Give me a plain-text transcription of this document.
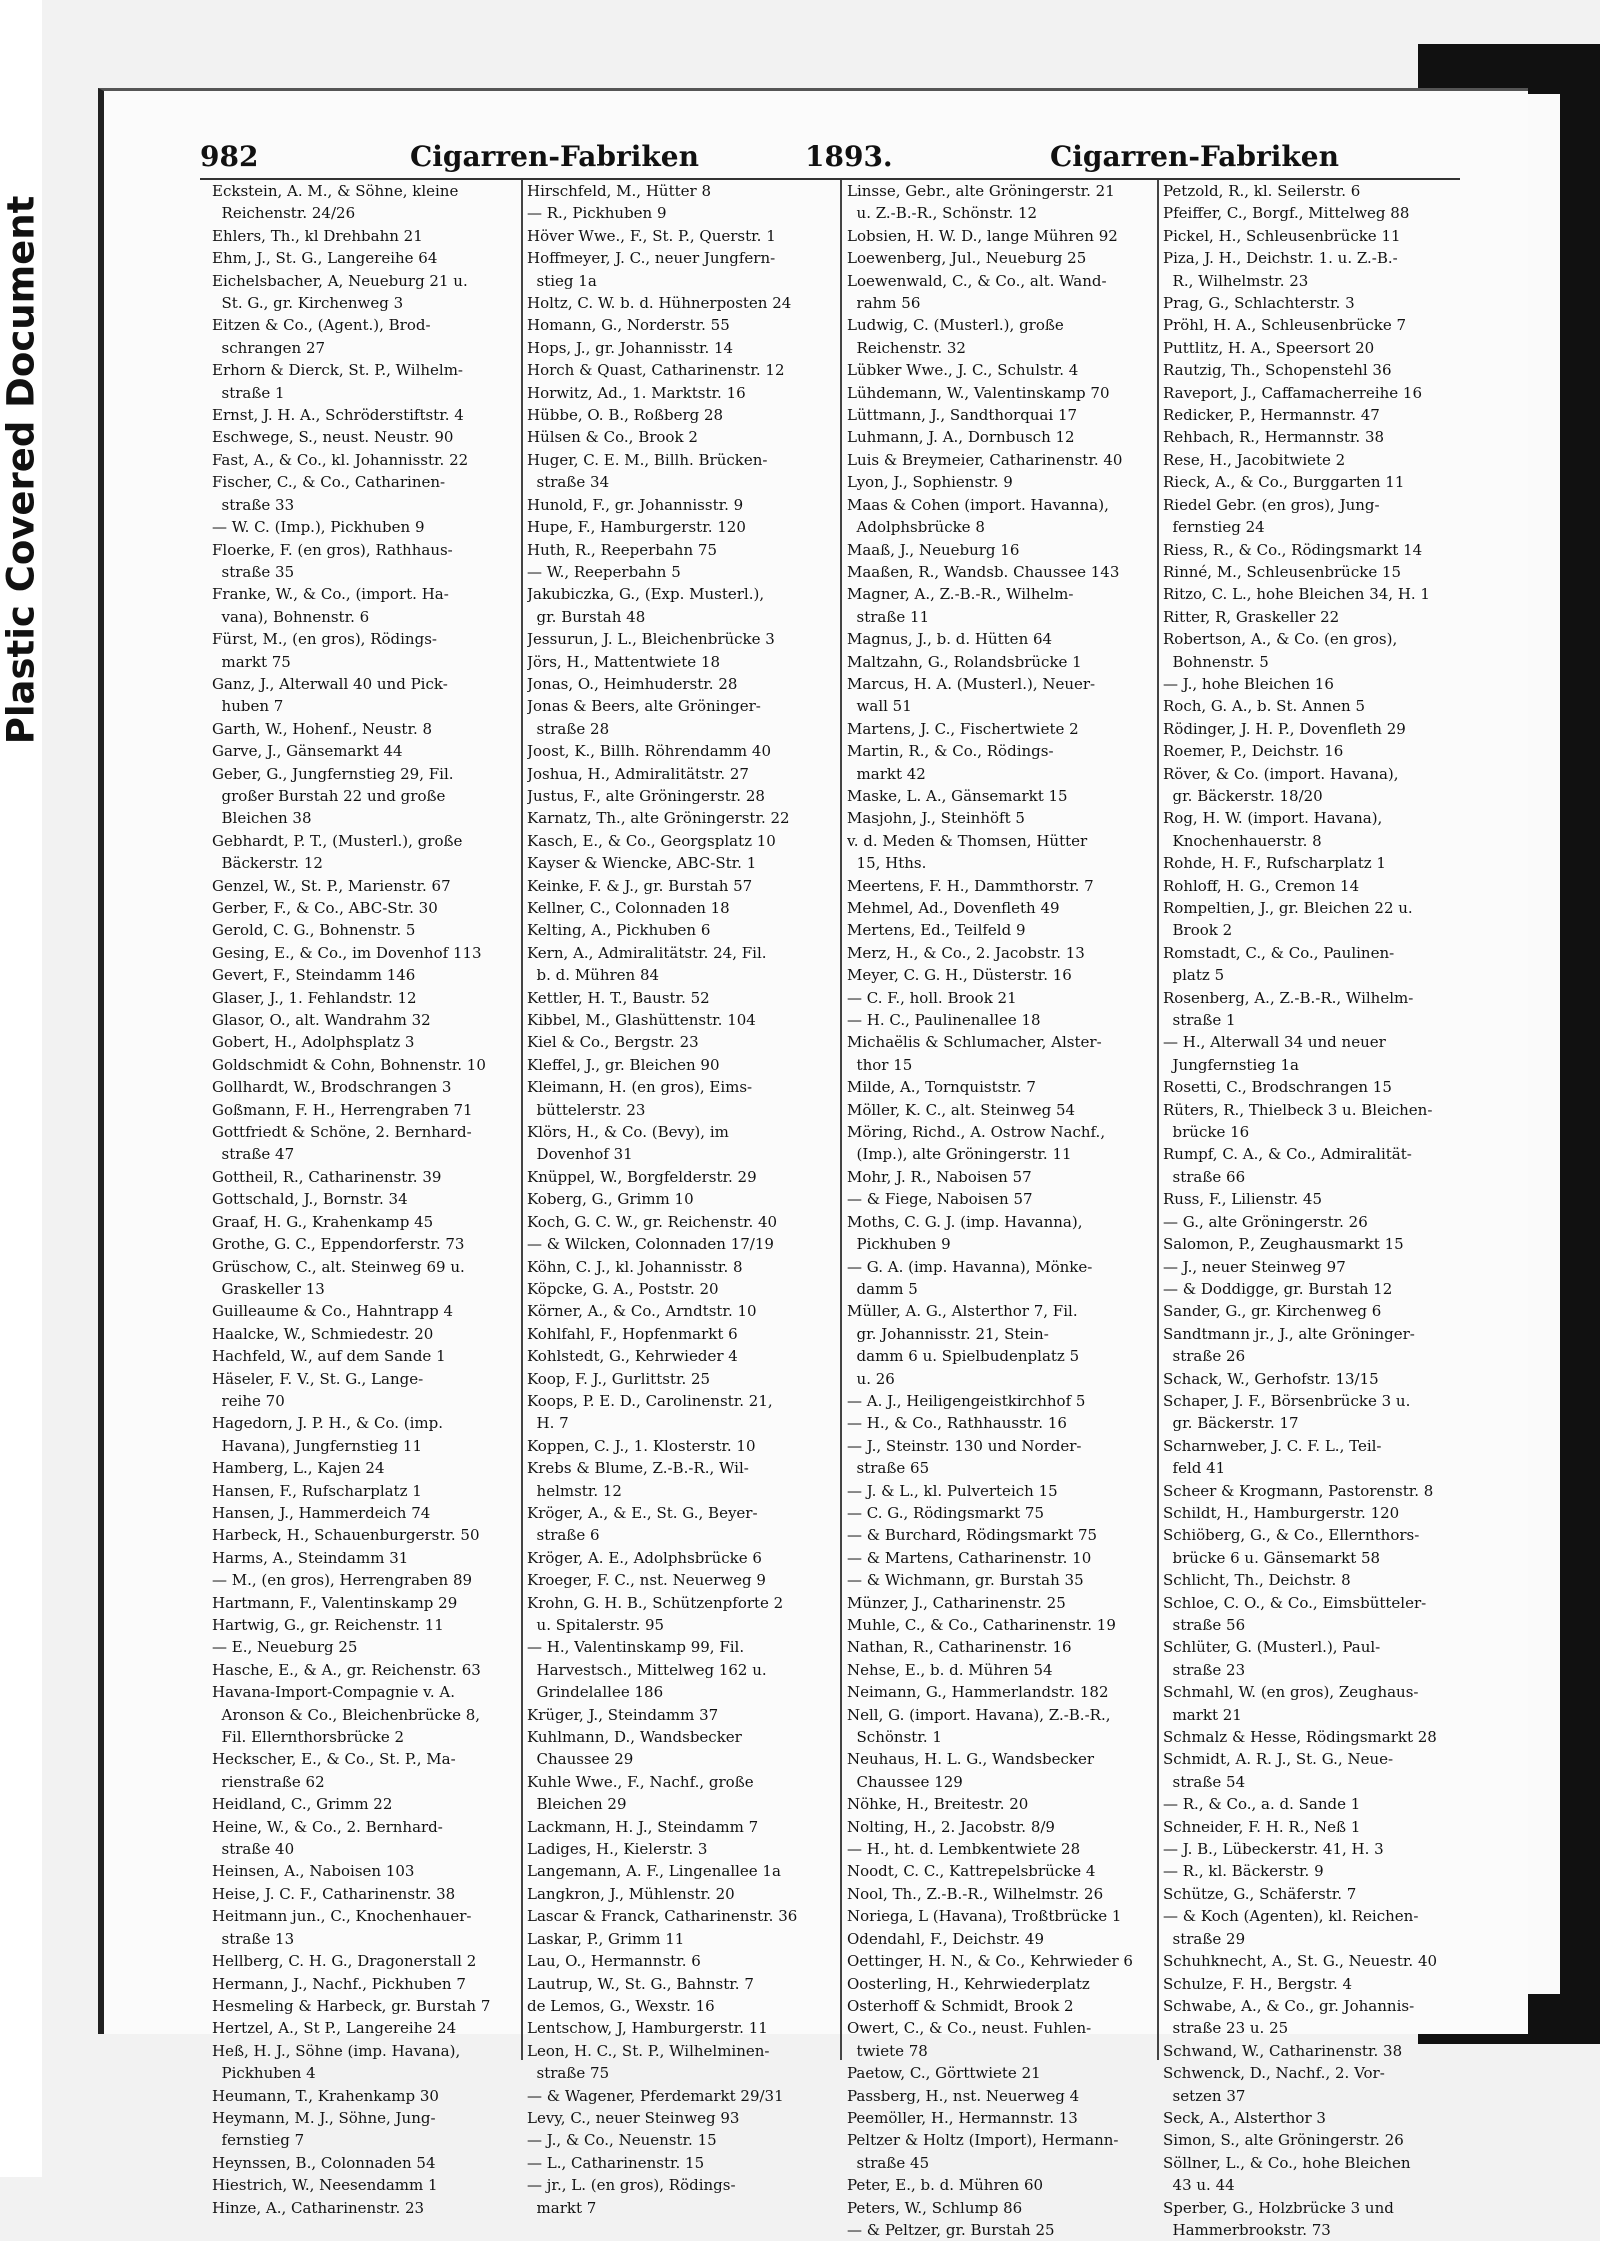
Plastic Covered Document
982	Cigarren-Fabriken	1893.	Cigarren-Fabriken
Eckstein, A. M., & Söhne, kleine
Reichenstr. 24/26
Ehlers, Th., kl Drehbahn 21
Ehm, J., St. G., Langereihe 64
Eichelsbacher, A, Neueburg 21 u.
St. G., gr. Kirchenweg 3
Eitzen & Co., (Agent.), Brod-
schrangen 27
Erhorn & Dierck, St. P., Wilhelm-
straße 1
Ernst, J. H. A., Schröderstiftstr. 4
Eschwege, S., neust. Neustr. 90
Fast, A., & Co., kl. Johannisstr. 22
Fischer, C., & Co., Catharinen-
straße 33
— W. C. (Imp.), Pickhuben 9
Floerke, F. (en gros), Rathhaus-
straße 35
Franke, W., & Co., (import. Ha-
vana), Bohnenstr. 6
Fürst, M., (en gros), Rödings-
markt 75
Ganz, J., Alterwall 40 und Pick-
huben 7
Garth, W., Hohenf., Neustr. 8
Garve, J., Gänsemarkt 44
Geber, G., Jungfernstieg 29, Fil.
großer Burstah 22 und große
Bleichen 38
Gebhardt, P. T., (Musterl.), große
Bäckerstr. 12
Genzel, W., St. P., Marienstr. 67
Gerber, F., & Co., ABC-Str. 30
Gerold, C. G., Bohnenstr. 5
Gesing, E., & Co., im Dovenhof 113
Gevert, F., Steindamm 146
Glaser, J., 1. Fehlandstr. 12
Glasor, O., alt. Wandrahm 32
Gobert, H., Adolphsplatz 3
Goldschmidt & Cohn, Bohnenstr. 10
Gollhardt, W., Brodschrangen 3
Goßmann, F. H., Herrengraben 71
Gottfriedt & Schöne, 2. Bernhard-
straße 47
Gottheil, R., Catharinenstr. 39
Gottschald, J., Bornstr. 34
Graaf, H. G., Krahenkamp 45
Grothe, G. C., Eppendorferstr. 73
Grüschow, C., alt. Steinweg 69 u.
Graskeller 13
Guilleaume & Co., Hahntrapp 4
Haalcke, W., Schmiedestr. 20
Hachfeld, W., auf dem Sande 1
Häseler, F. V., St. G., Lange-
reihe 70
Hagedorn, J. P. H., & Co. (imp.
Havana), Jungfernstieg 11
Hamberg, L., Kajen 24
Hansen, F., Rufscharplatz 1
Hansen, J., Hammerdeich 74
Harbeck, H., Schauenburgerstr. 50
Harms, A., Steindamm 31
— M., (en gros), Herrengraben 89
Hartmann, F., Valentinskamp 29
Hartwig, G., gr. Reichenstr. 11
— E., Neueburg 25
Hasche, E., & A., gr. Reichenstr. 63
Havana-Import-Compagnie v. A.
Aronson & Co., Bleichenbrücke 8,
Fil. Ellernthorsbrücke 2
Heckscher, E., & Co., St. P., Ma-
rienstraße 62
Heidland, C., Grimm 22
Heine, W., & Co., 2. Bernhard-
straße 40
Heinsen, A., Naboisen 103
Heise, J. C. F., Catharinenstr. 38
Heitmann jun., C., Knochenhauer-
straße 13
Hellberg, C. H. G., Dragonerstall 2
Hermann, J., Nachf., Pickhuben 7
Hesmeling & Harbeck, gr. Burstah 7
Hertzel, A., St P., Langereihe 24
Heß, H. J., Söhne (imp. Havana),
Pickhuben 4
Heumann, T., Krahenkamp 30
Heymann, M. J., Söhne, Jung-
fernstieg 7
Heynssen, B., Colonnaden 54
Hiestrich, W., Neesendamm 1
Hinze, A., Catharinenstr. 23
Hirschfeld, M., Hütter 8
— R., Pickhuben 9
Höver Wwe., F., St. P., Querstr. 1
Hoffmeyer, J. C., neuer Jungfern-
stieg 1a
Holtz, C. W. b. d. Hühnerposten 24
Homann, G., Norderstr. 55
Hops, J., gr. Johannisstr. 14
Horch & Quast, Catharinenstr. 12
Horwitz, Ad., 1. Marktstr. 16
Hübbe, O. B., Roßberg 28
Hülsen & Co., Brook 2
Huger, C. E. M., Billh. Brücken-
straße 34
Hunold, F., gr. Johannisstr. 9
Hupe, F., Hamburgerstr. 120
Huth, R., Reeperbahn 75
— W., Reeperbahn 5
Jakubiczka, G., (Exp. Musterl.),
gr. Burstah 48
Jessurun, J. L., Bleichenbrücke 3
Jörs, H., Mattentwiete 18
Jonas, O., Heimhuderstr. 28
Jonas & Beers, alte Gröninger-
straße 28
Joost, K., Billh. Röhrendamm 40
Joshua, H., Admiralitätstr. 27
Justus, F., alte Gröningerstr. 28
Karnatz, Th., alte Gröningerstr. 22
Kasch, E., & Co., Georgsplatz 10
Kayser & Wiencke, ABC-Str. 1
Keinke, F. & J., gr. Burstah 57
Kellner, C., Colonnaden 18
Kelting, A., Pickhuben 6
Kern, A., Admiralitätstr. 24, Fil.
b. d. Mühren 84
Kettler, H. T., Baustr. 52
Kibbel, M., Glashüttenstr. 104
Kiel & Co., Bergstr. 23
Kleffel, J., gr. Bleichen 90
Kleimann, H. (en gros), Eims-
büttelerstr. 23
Klörs, H., & Co. (Bevy), im
Dovenhof 31
Knüppel, W., Borgfelderstr. 29
Koberg, G., Grimm 10
Koch, G. C. W., gr. Reichenstr. 40
— & Wilcken, Colonnaden 17/19
Köhn, C. J., kl. Johannisstr. 8
Köpcke, G. A., Poststr. 20
Körner, A., & Co., Arndtstr. 10
Kohlfahl, F., Hopfenmarkt 6
Kohlstedt, G., Kehrwieder 4
Koop, F. J., Gurlittstr. 25
Koops, P. E. D., Carolinenstr. 21,
H. 7
Koppen, C. J., 1. Klosterstr. 10
Krebs & Blume, Z.-B.-R., Wil-
helmstr. 12
Kröger, A., & E., St. G., Beyer-
straße 6
Kröger, A. E., Adolphsbrücke 6
Kroeger, F. C., nst. Neuerweg 9
Krohn, G. H. B., Schützenpforte 2
u. Spitalerstr. 95
— H., Valentinskamp 99, Fil.
Harvestsch., Mittelweg 162 u.
Grindelallee 186
Krüger, J., Steindamm 37
Kuhlmann, D., Wandsbecker
Chaussee 29
Kuhle Wwe., F., Nachf., große
Bleichen 29
Lackmann, H. J., Steindamm 7
Ladiges, H., Kielerstr. 3
Langemann, A. F., Lingenallee 1a
Langkron, J., Mühlenstr. 20
Lascar & Franck, Catharinenstr. 36
Laskar, P., Grimm 11
Lau, O., Hermannstr. 6
Lautrup, W., St. G., Bahnstr. 7
de Lemos, G., Wexstr. 16
Lentschow, J, Hamburgerstr. 11
Leon, H. C., St. P., Wilhelminen-
straße 75
— & Wagener, Pferdemarkt 29/31
Levy, C., neuer Steinweg 93
— J., & Co., Neuenstr. 15
— L., Catharinenstr. 15
— jr., L. (en gros), Rödings-
markt 7
Linsse, Gebr., alte Gröningerstr. 21
u. Z.-B.-R., Schönstr. 12
Lobsien, H. W. D., lange Mühren 92
Loewenberg, Jul., Neueburg 25
Loewenwald, C., & Co., alt. Wand-
rahm 56
Ludwig, C. (Musterl.), große
Reichenstr. 32
Lübker Wwe., J. C., Schulstr. 4
Lühdemann, W., Valentinskamp 70
Lüttmann, J., Sandthorquai 17
Luhmann, J. A., Dornbusch 12
Luis & Breymeier, Catharinenstr. 40
Lyon, J., Sophienstr. 9
Maas & Cohen (import. Havanna),
Adolphsbrücke 8
Maaß, J., Neueburg 16
Maaßen, R., Wandsb. Chaussee 143
Magner, A., Z.-B.-R., Wilhelm-
straße 11
Magnus, J., b. d. Hütten 64
Maltzahn, G., Rolandsbrücke 1
Marcus, H. A. (Musterl.), Neuer-
wall 51
Martens, J. C., Fischertwiete 2
Martin, R., & Co., Rödings-
markt 42
Maske, L. A., Gänsemarkt 15
Masjohn, J., Steinhöft 5
v. d. Meden & Thomsen, Hütter
15, Hths.
Meertens, F. H., Dammthorstr. 7
Mehmel, Ad., Dovenfleth 49
Mertens, Ed., Teilfeld 9
Merz, H., & Co., 2. Jacobstr. 13
Meyer, C. G. H., Düsterstr. 16
— C. F., holl. Brook 21
— H. C., Paulinenallee 18
Michaëlis & Schlumacher, Alster-
thor 15
Milde, A., Tornquiststr. 7
Möller, K. C., alt. Steinweg 54
Möring, Richd., A. Ostrow Nachf.,
(Imp.), alte Gröningerstr. 11
Mohr, J. R., Naboisen 57
— & Fiege, Naboisen 57
Moths, C. G. J. (imp. Havanna),
Pickhuben 9
— G. A. (imp. Havanna), Mönke-
damm 5
Müller, A. G., Alsterthor 7, Fil.
gr. Johannisstr. 21, Stein-
damm 6 u. Spielbudenplatz 5
u. 26
— A. J., Heiligengeistkirchhof 5
— H., & Co., Rathhausstr. 16
— J., Steinstr. 130 und Norder-
straße 65
— J. & L., kl. Pulverteich 15
— C. G., Rödingsmarkt 75
— & Burchard, Rödingsmarkt 75
— & Martens, Catharinenstr. 10
— & Wichmann, gr. Burstah 35
Münzer, J., Catharinenstr. 25
Muhle, C., & Co., Catharinenstr. 19
Nathan, R., Catharinenstr. 16
Nehse, E., b. d. Mühren 54
Neimann, G., Hammerlandstr. 182
Nell, G. (import. Havana), Z.-B.-R.,
Schönstr. 1
Neuhaus, H. L. G., Wandsbecker
Chaussee 129
Nöhke, H., Breitestr. 20
Nolting, H., 2. Jacobstr. 8/9
— H., ht. d. Lembkentwiete 28
Noodt, C. C., Kattrepelsbrücke 4
Nool, Th., Z.-B.-R., Wilhelmstr. 26
Noriega, L (Havana), Troßtbrücke 1
Odendahl, F., Deichstr. 49
Oettinger, H. N., & Co., Kehrwieder 6
Oosterling, H., Kehrwiederplatz
Osterhoff & Schmidt, Brook 2
Owert, C., & Co., neust. Fuhlen-
twiete 78
Paetow, C., Görttwiete 21
Passberg, H., nst. Neuerweg 4
Peemöller, H., Hermannstr. 13
Peltzer & Holtz (Import), Hermann-
straße 45
Peter, E., b. d. Mühren 60
Peters, W., Schlump 86
— & Peltzer, gr. Burstah 25
Petzold, R., kl. Seilerstr. 6
Pfeiffer, C., Borgf., Mittelweg 88
Pickel, H., Schleusenbrücke 11
Piza, J. H., Deichstr. 1. u. Z.-B.-
R., Wilhelmstr. 23
Prag, G., Schlachterstr. 3
Pröhl, H. A., Schleusenbrücke 7
Puttlitz, H. A., Speersort 20
Rautzig, Th., Schopenstehl 36
Raveport, J., Caffamacherreihe 16
Redicker, P., Hermannstr. 47
Rehbach, R., Hermannstr. 38
Rese, H., Jacobitwiete 2
Rieck, A., & Co., Burggarten 11
Riedel Gebr. (en gros), Jung-
fernstieg 24
Riess, R., & Co., Rödingsmarkt 14
Rinné, M., Schleusenbrücke 15
Ritzo, C. L., hohe Bleichen 34, H. 1
Ritter, R, Graskeller 22
Robertson, A., & Co. (en gros),
Bohnenstr. 5
— J., hohe Bleichen 16
Roch, G. A., b. St. Annen 5
Rödinger, J. H. P., Dovenfleth 29
Roemer, P., Deichstr. 16
Röver, & Co. (import. Havana),
gr. Bäckerstr. 18/20
Rog, H. W. (import. Havana),
Knochenhauerstr. 8
Rohde, H. F., Rufscharplatz 1
Rohloff, H. G., Cremon 14
Rompeltien, J., gr. Bleichen 22 u.
Brook 2
Romstadt, C., & Co., Paulinen-
platz 5
Rosenberg, A., Z.-B.-R., Wilhelm-
straße 1
— H., Alterwall 34 und neuer
Jungfernstieg 1a
Rosetti, C., Brodschrangen 15
Rüters, R., Thielbeck 3 u. Bleichen-
brücke 16
Rumpf, C. A., & Co., Admiralität-
straße 66
Russ, F., Lilienstr. 45
— G., alte Gröningerstr. 26
Salomon, P., Zeughausmarkt 15
— J., neuer Steinweg 97
— & Doddigge, gr. Burstah 12
Sander, G., gr. Kirchenweg 6
Sandtmann jr., J., alte Gröninger-
straße 26
Schack, W., Gerhofstr. 13/15
Schaper, J. F., Börsenbrücke 3 u.
gr. Bäckerstr. 17
Scharnweber, J. C. F. L., Teil-
feld 41
Scheer & Krogmann, Pastorenstr. 8
Schildt, H., Hamburgerstr. 120
Schiöberg, G., & Co., Ellernthors-
brücke 6 u. Gänsemarkt 58
Schlicht, Th., Deichstr. 8
Schloe, C. O., & Co., Eimsbütteler-
straße 56
Schlüter, G. (Musterl.), Paul-
straße 23
Schmahl, W. (en gros), Zeughaus-
markt 21
Schmalz & Hesse, Rödingsmarkt 28
Schmidt, A. R. J., St. G., Neue-
straße 54
— R., & Co., a. d. Sande 1
Schneider, F. H. R., Neß 1
— J. B., Lübeckerstr. 41, H. 3
— R., kl. Bäckerstr. 9
Schütze, G., Schäferstr. 7
— & Koch (Agenten), kl. Reichen-
straße 29
Schuhknecht, A., St. G., Neuestr. 40
Schulze, F. H., Bergstr. 4
Schwabe, A., & Co., gr. Johannis-
straße 23 u. 25
Schwand, W., Catharinenstr. 38
Schwenck, D., Nachf., 2. Vor-
setzen 37
Seck, A., Alsterthor 3
Simon, S., alte Gröningerstr. 26
Söllner, L., & Co., hohe Bleichen
43 u. 44
Sperber, G., Holzbrücke 3 und
Hammerbrookstr. 73
